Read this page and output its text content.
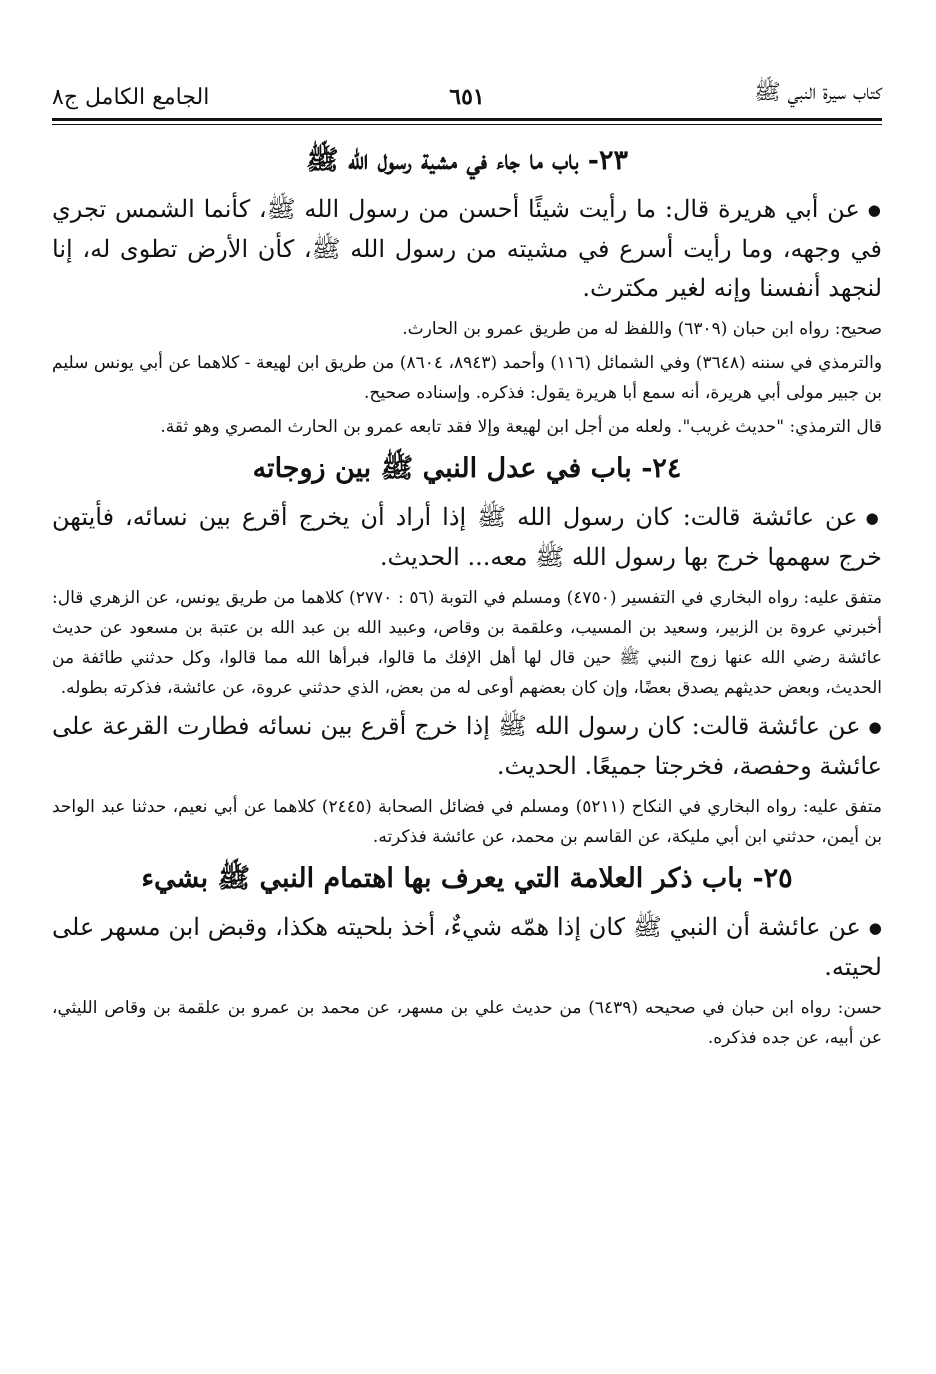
كتاب سيرة النبي ﷺ
٦٥١
الجامع الكامل ج٨
٢٣- باب ما جاء في مشية رسول الله ﷺ

●عن أبي هريرة قال: ما رأيت شيئًا أحسن من رسول الله ﷺ، كأنما الشمس تجري في وجهه، وما رأيت أسرع في مشيته من رسول الله ﷺ، كأن الأرض تطوى له، إنا لنجهد أنفسنا وإنه لغير مكترث.

صحيح: رواه ابن حبان (٦٣٠٩) واللفظ له من طريق عمرو بن الحارث.

والترمذي في سننه (٣٦٤٨) وفي الشمائل (١١٦) وأحمد (٨٩٤٣، ٨٦٠٤) من طريق ابن لهيعة - كلاهما عن أبي يونس سليم بن جبير مولى أبي هريرة، أنه سمع أبا هريرة يقول: فذكره. وإسناده صحيح.

قال الترمذي: "حديث غريب". ولعله من أجل ابن لهيعة وإلا فقد تابعه عمرو بن الحارث المصري وهو ثقة.

٢٤- باب في عدل النبي ﷺ بين زوجاته

●عن عائشة قالت: كان رسول الله ﷺ إذا أراد أن يخرج أقرع بين نسائه، فأيتهن خرج سهمها خرج بها رسول الله ﷺ معه... الحديث.

متفق عليه: رواه البخاري في التفسير (٤٧٥٠) ومسلم في التوبة (٥٦ : ٢٧٧٠) كلاهما من طريق يونس، عن الزهري قال: أخبرني عروة بن الزبير، وسعيد بن المسيب، وعلقمة بن وقاص، وعبيد الله بن عبد الله بن عتبة بن مسعود عن حديث عائشة رضي الله عنها زوج النبي ﷺ حين قال لها أهل الإفك ما قالوا، فبرأها الله مما قالوا، وكل حدثني طائفة من الحديث، وبعض حديثهم يصدق بعضًا، وإن كان بعضهم أوعى له من بعض، الذي حدثني عروة، عن عائشة، فذكرته بطوله.

●عن عائشة قالت: كان رسول الله ﷺ إذا خرج أقرع بين نسائه فطارت القرعة على عائشة وحفصة، فخرجتا جميعًا. الحديث.

متفق عليه: رواه البخاري في النكاح (٥٢١١) ومسلم في فضائل الصحابة (٢٤٤٥) كلاهما عن أبي نعيم، حدثنا عبد الواحد بن أيمن، حدثني ابن أبي مليكة، عن القاسم بن محمد، عن عائشة فذكرته.

٢٥- باب ذكر العلامة التي يعرف بها اهتمام النبي ﷺ بشيء

●عن عائشة أن النبي ﷺ كان إذا همّه شيءٌ، أخذ بلحيته هكذا، وقبض ابن مسهر على لحيته.

حسن: رواه ابن حبان في صحيحه (٦٤٣٩) من حديث علي بن مسهر، عن محمد بن عمرو بن علقمة بن وقاص الليثي، عن أبيه، عن جده فذكره.
